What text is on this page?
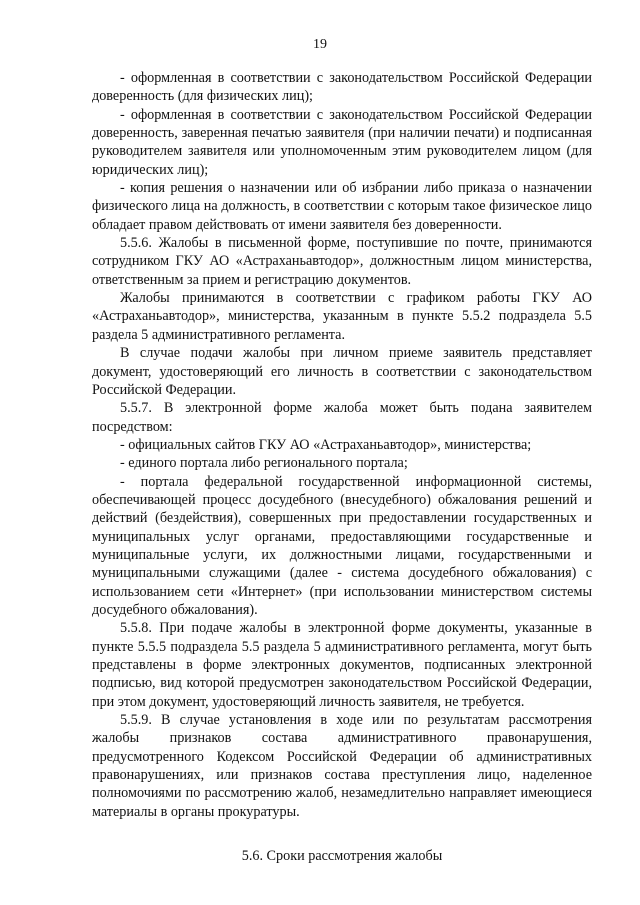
19

- оформленная в соответствии с законодательством Российской Федерации доверенность (для физических лиц);

- оформленная в соответствии с законодательством Российской Федерации доверенность, заверенная печатью заявителя (при наличии печати) и подписанная руководителем заявителя или уполномоченным этим руководителем лицом (для юридических лиц);

- копия решения о назначении или об избрании либо приказа о назначении физического лица на должность, в соответствии с которым такое физическое лицо обладает правом действовать от имени заявителя без доверенности.

5.5.6. Жалобы в письменной форме, поступившие по почте, принимаются сотрудником ГКУ АО «Астраханьавтодор», должностным лицом министерства, ответственным за прием и регистрацию документов.

Жалобы принимаются в соответствии с графиком работы ГКУ АО «Астраханьавтодор», министерства, указанным в пункте 5.5.2 подраздела 5.5 раздела 5 административного регламента.

В случае подачи жалобы при личном приеме заявитель представляет документ, удостоверяющий его личность в соответствии с законодательством Российской Федерации.

5.5.7. В электронной форме жалоба может быть подана заявителем посредством:

- официальных сайтов ГКУ АО «Астраханьавтодор», министерства;

- единого портала либо регионального портала;

- портала федеральной государственной информационной системы, обеспечивающей процесс досудебного (внесудебного) обжалования решений и действий (бездействия), совершенных при предоставлении государственных и муниципальных услуг органами, предоставляющими государственные и муниципальные услуги, их должностными лицами, государственными и муниципальными служащими (далее - система досудебного обжалования) с использованием сети «Интернет» (при использовании министерством системы досудебного обжалования).

5.5.8. При подаче жалобы в электронной форме документы, указанные в пункте 5.5.5 подраздела 5.5 раздела 5 административного регламента, могут быть представлены в форме электронных документов, подписанных электронной подписью, вид которой предусмотрен законодательством Российской Федерации, при этом документ, удостоверяющий личность заявителя, не требуется.

5.5.9. В случае установления в ходе или по результатам рассмотрения жалобы признаков состава административного правонарушения, предусмотренного Кодексом Российской Федерации об административных правонарушениях, или признаков состава преступления лицо, наделенное полномочиями по рассмотрению жалоб, незамедлительно направляет имеющиеся материалы в органы прокуратуры.

5.6. Сроки рассмотрения жалобы
